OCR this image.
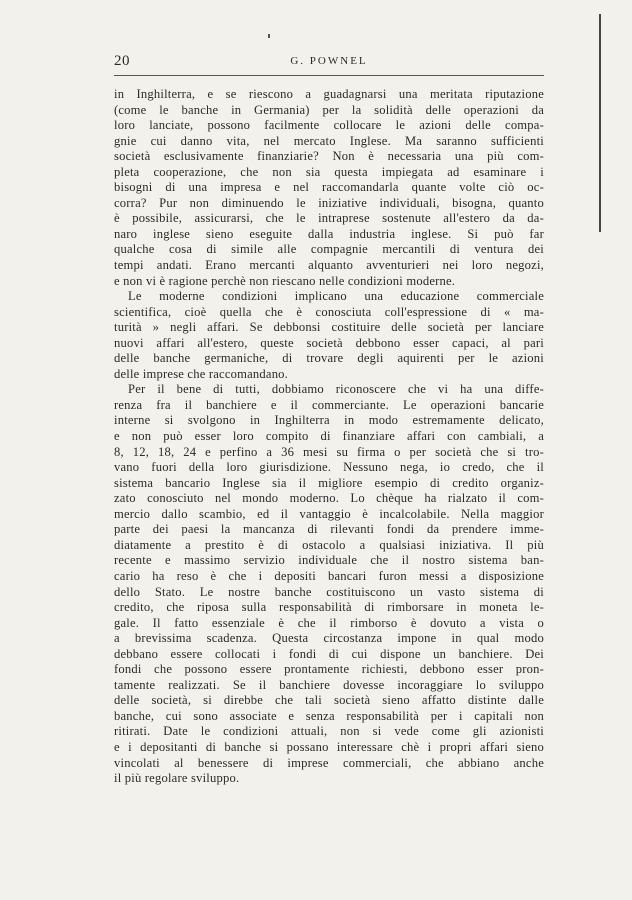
20	G. POWNEL

in Inghilterra, e se riescono a guadagnarsi una meritata riputazione
(come le banche in Germania) per la solidità delle operazioni da
loro lanciate, possono facilmente collocare le azioni delle compa-
gnie cui danno vita, nel mercato Inglese. Ma saranno sufficienti
società esclusivamente finanziarie? Non è necessaria una più com-
pleta cooperazione, che non sia questa impiegata ad esaminare i
bisogni di una impresa e nel raccomandarla quante volte ciò oc-
corra? Pur non diminuendo le iniziative individuali, bisogna, quanto
è possibile, assicurarsi, che le intraprese sostenute all'estero da da-
naro inglese sieno eseguite dalla industria inglese. Si può far
qualche cosa di simile alle compagnie mercantili di ventura dei
tempi andati. Erano mercanti alquanto avventurieri nei loro negozi,
e non vi è ragione perchè non riescano nelle condizioni moderne.

Le moderne condizioni implicano una educazione commerciale
scientifica, cioè quella che è conosciuta coll'espressione di « ma-
turità » negli affari. Se debbonsi costituire delle società per lanciare
nuovi affari all'estero, queste società debbono esser capaci, al pari
delle banche germaniche, di trovare degli aquirenti per le azioni
delle imprese che raccomandano.

Per il bene di tutti, dobbiamo riconoscere che vi ha una diffe-
renza fra il banchiere e il commerciante. Le operazioni bancarie
interne si svolgono in Inghilterra in modo estremamente delicato,
e non può esser loro compito di finanziare affari con cambiali, a
8, 12, 18, 24 e perfino a 36 mesi su firma o per società che si tro-
vano fuori della loro giurisdizione. Nessuno nega, io credo, che il
sistema bancario Inglese sia il migliore esempio di credito organiz-
zato conosciuto nel mondo moderno. Lo chèque ha rialzato il com-
mercio dallo scambio, ed il vantaggio è incalcolabile. Nella maggior
parte dei paesi la mancanza di rilevanti fondi da prendere imme-
diatamente a prestito è di ostacolo a qualsiasi iniziativa. Il più
recente e massimo servizio individuale che il nostro sistema ban-
cario ha reso è che i depositi bancari furon messi a disposizione
dello Stato. Le nostre banche costituiscono un vasto sistema di
credito, che riposa sulla responsabilità di rimborsare in moneta le-
gale. Il fatto essenziale è che il rimborso è dovuto a vista o
a brevissima scadenza. Questa circostanza impone in qual modo
debbano essere collocati i fondi di cui dispone un banchiere. Dei
fondi che possono essere prontamente richiesti, debbono esser pron-
tamente realizzati. Se il banchiere dovesse incoraggiare lo sviluppo
delle società, si direbbe che tali società sieno affatto distinte dalle
banche, cui sono associate e senza responsabilità per i capitali non
ritirati. Date le condizioni attuali, non si vede come gli azionisti
e i depositanti di banche si possano interessare chè i propri affari sieno
vincolati al benessere di imprese commerciali, che abbiano anche
il più regolare sviluppo.
